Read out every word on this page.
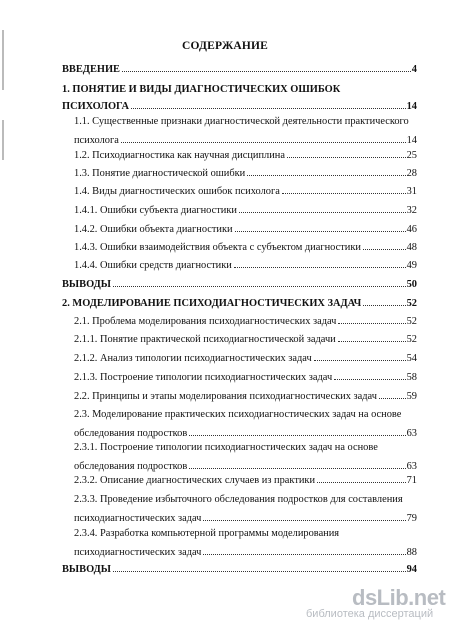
СОДЕРЖАНИЕ
ВВЕДЕНИЕ	4
1. ПОНЯТИЕ И ВИДЫ ДИАГНОСТИЧЕСКИХ ОШИБОК
ПСИХОЛОГА	14
1.1. Существенные признаки диагностической деятельности практического
психолога	14
1.2. Психодиагностика как научная дисциплина	25
1.3. Понятие диагностической ошибки	28
1.4. Виды диагностических ошибок психолога	31
1.4.1. Ошибки субъекта диагностики	32
1.4.2. Ошибки объекта диагностики	46
1.4.3. Ошибки взаимодействия объекта с субъектом диагностики	48
1.4.4. Ошибки средств диагностики	49
ВЫВОДЫ	50
2. МОДЕЛИРОВАНИЕ ПСИХОДИАГНОСТИЧЕСКИХ ЗАДАЧ	52
2.1. Проблема моделирования психодиагностических задач	52
2.1.1. Понятие практической психодиагностической задачи	52
2.1.2. Анализ типологии психодиагностических задач	54
2.1.3. Построение типологии психодиагностических задач	58
2.2. Принципы и этапы моделирования психодиагностических задач	59
2.3. Моделирование практических психодиагностических задач на основе
обследования подростков	63
2.3.1. Построение типологии психодиагностических задач на основе
обследования подростков	63
2.3.2. Описание диагностических случаев из практики	71
2.3.3. Проведение избыточного обследования подростков для составления
психодиагностических задач	79
2.3.4. Разработка компьютерной программы моделирования
психодиагностических задач	88
ВЫВОДЫ	94
dsLib.net
библиотека диссертаций
